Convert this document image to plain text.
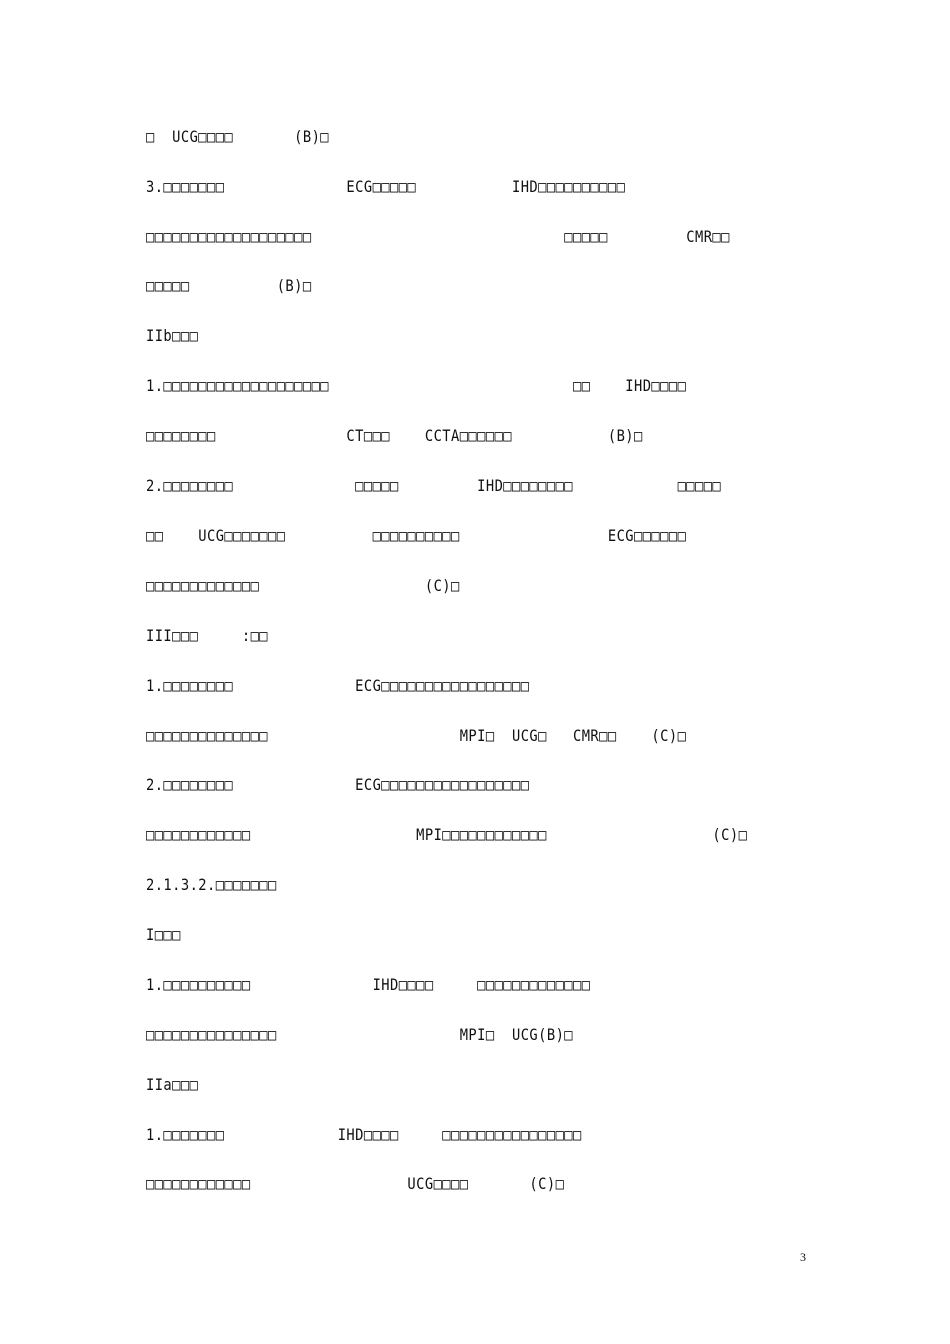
□  UCG□□□□       (B)□
3.□□□□□□□              ECG□□□□□           IHD□□□□□□□□□□
□□□□□□□□□□□□□□□□□□□                             □□□□□         CMR□□
□□□□□          (B)□
IIb□□□
1.□□□□□□□□□□□□□□□□□□□                            □□    IHD□□□□
□□□□□□□□               CT□□□    CCTA□□□□□□           (B)□
2.□□□□□□□□              □□□□□         IHD□□□□□□□□            □□□□□
□□    UCG□□□□□□□          □□□□□□□□□□                 ECG□□□□□□
□□□□□□□□□□□□□                   (C)□
III□□□     :□□
1.□□□□□□□□              ECG□□□□□□□□□□□□□□□□□
□□□□□□□□□□□□□□                      MPI□  UCG□   CMR□□    (C)□
2.□□□□□□□□              ECG□□□□□□□□□□□□□□□□□
□□□□□□□□□□□□                   MPI□□□□□□□□□□□□                   (C)□
2.1.3.2.□□□□□□□
I□□□
1.□□□□□□□□□□              IHD□□□□     □□□□□□□□□□□□□
□□□□□□□□□□□□□□□                     MPI□  UCG(B)□
IIa□□□
1.□□□□□□□             IHD□□□□     □□□□□□□□□□□□□□□□
□□□□□□□□□□□□                  UCG□□□□       (C)□
3
